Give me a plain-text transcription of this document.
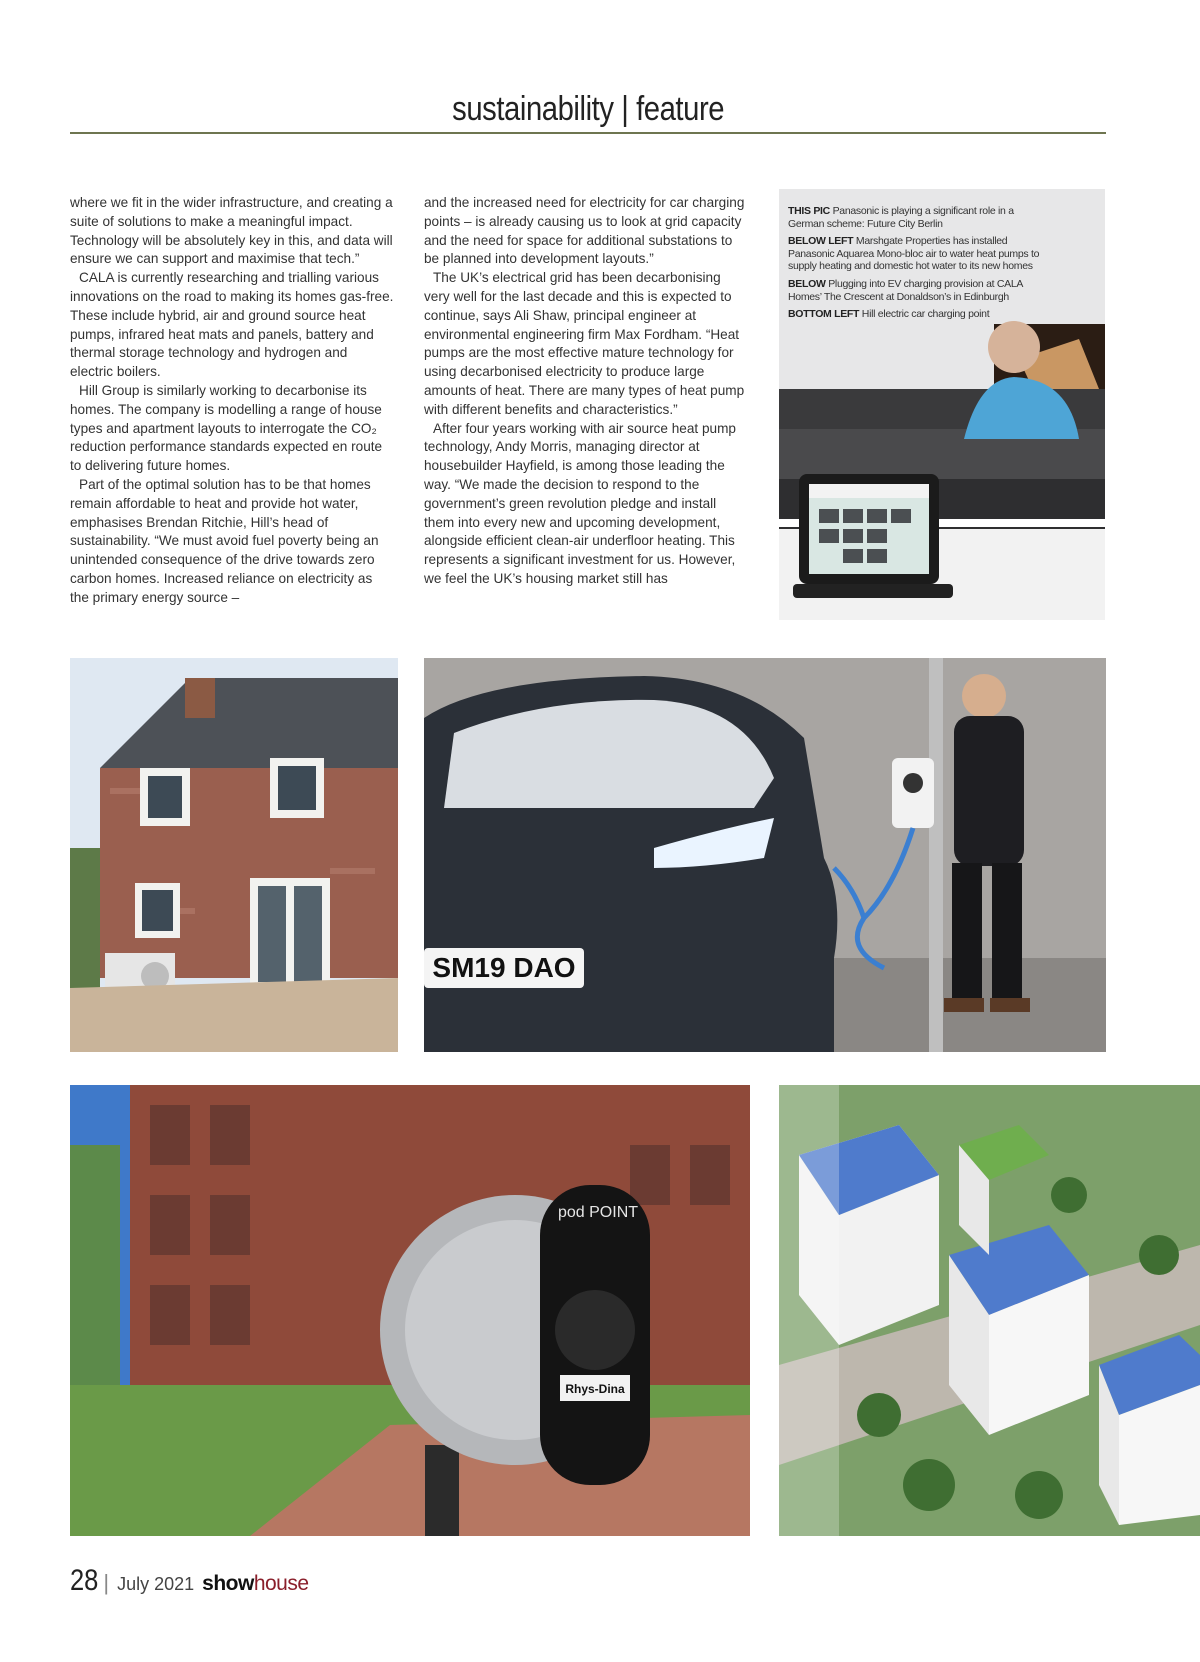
sustainability | feature

where we fit in the wider infrastructure, and creating a suite of solutions to make a meaningful impact. Technology will be absolutely key in this, and data will ensure we can support and maximise that tech.”

CALA is currently researching and trialling various innovations on the road to making its homes gas-free. These include hybrid, air and ground source heat pumps, infrared heat mats and panels, battery and thermal storage technology and hydrogen and electric boilers.

Hill Group is similarly working to decarbonise its homes. The company is modelling a range of house types and apartment layouts to interrogate the CO₂ reduction performance standards expected en route to delivering future homes.

Part of the optimal solution has to be that homes remain affordable to heat and provide hot water, emphasises Brendan Ritchie, Hill’s head of sustainability. “We must avoid fuel poverty being an unintended consequence of the drive towards zero carbon homes. Increased reliance on electricity as the primary energy source –

and the increased need for electricity for car charging points – is already causing us to look at grid capacity and the need for space for additional substations to be planned into development layouts.”

The UK’s electrical grid has been decarbonising very well for the last decade and this is expected to continue, says Ali Shaw, principal engineer at environmental engineering firm Max Fordham. “Heat pumps are the most effective mature technology for using decarbonised electricity to produce large amounts of heat. There are many types of heat pump with different benefits and characteristics.”

After four years working with air source heat pump technology, Andy Morris, managing director at housebuilder Hayfield, is among those leading the way. “We made the decision to respond to the government’s green revolution pledge and install them into every new and upcoming development, alongside efficient clean-air underfloor heating. This represents a significant investment for us. However, we feel the UK’s housing market still has

THIS PIC Panasonic is playing a significant role in a German scheme: Future City Berlin

BELOW LEFT Marshgate Properties has installed Panasonic Aquarea Mono-bloc air to water heat pumps to supply heating and domestic hot water to its new homes

BELOW Plugging into EV charging provision at CALA Homes’ The Crescent at Donaldson’s in Edinburgh

BOTTOM LEFT Hill electric car charging point

SM19 DAO
pod POINT
Rhys-Dina
28 | July 2021 show house
